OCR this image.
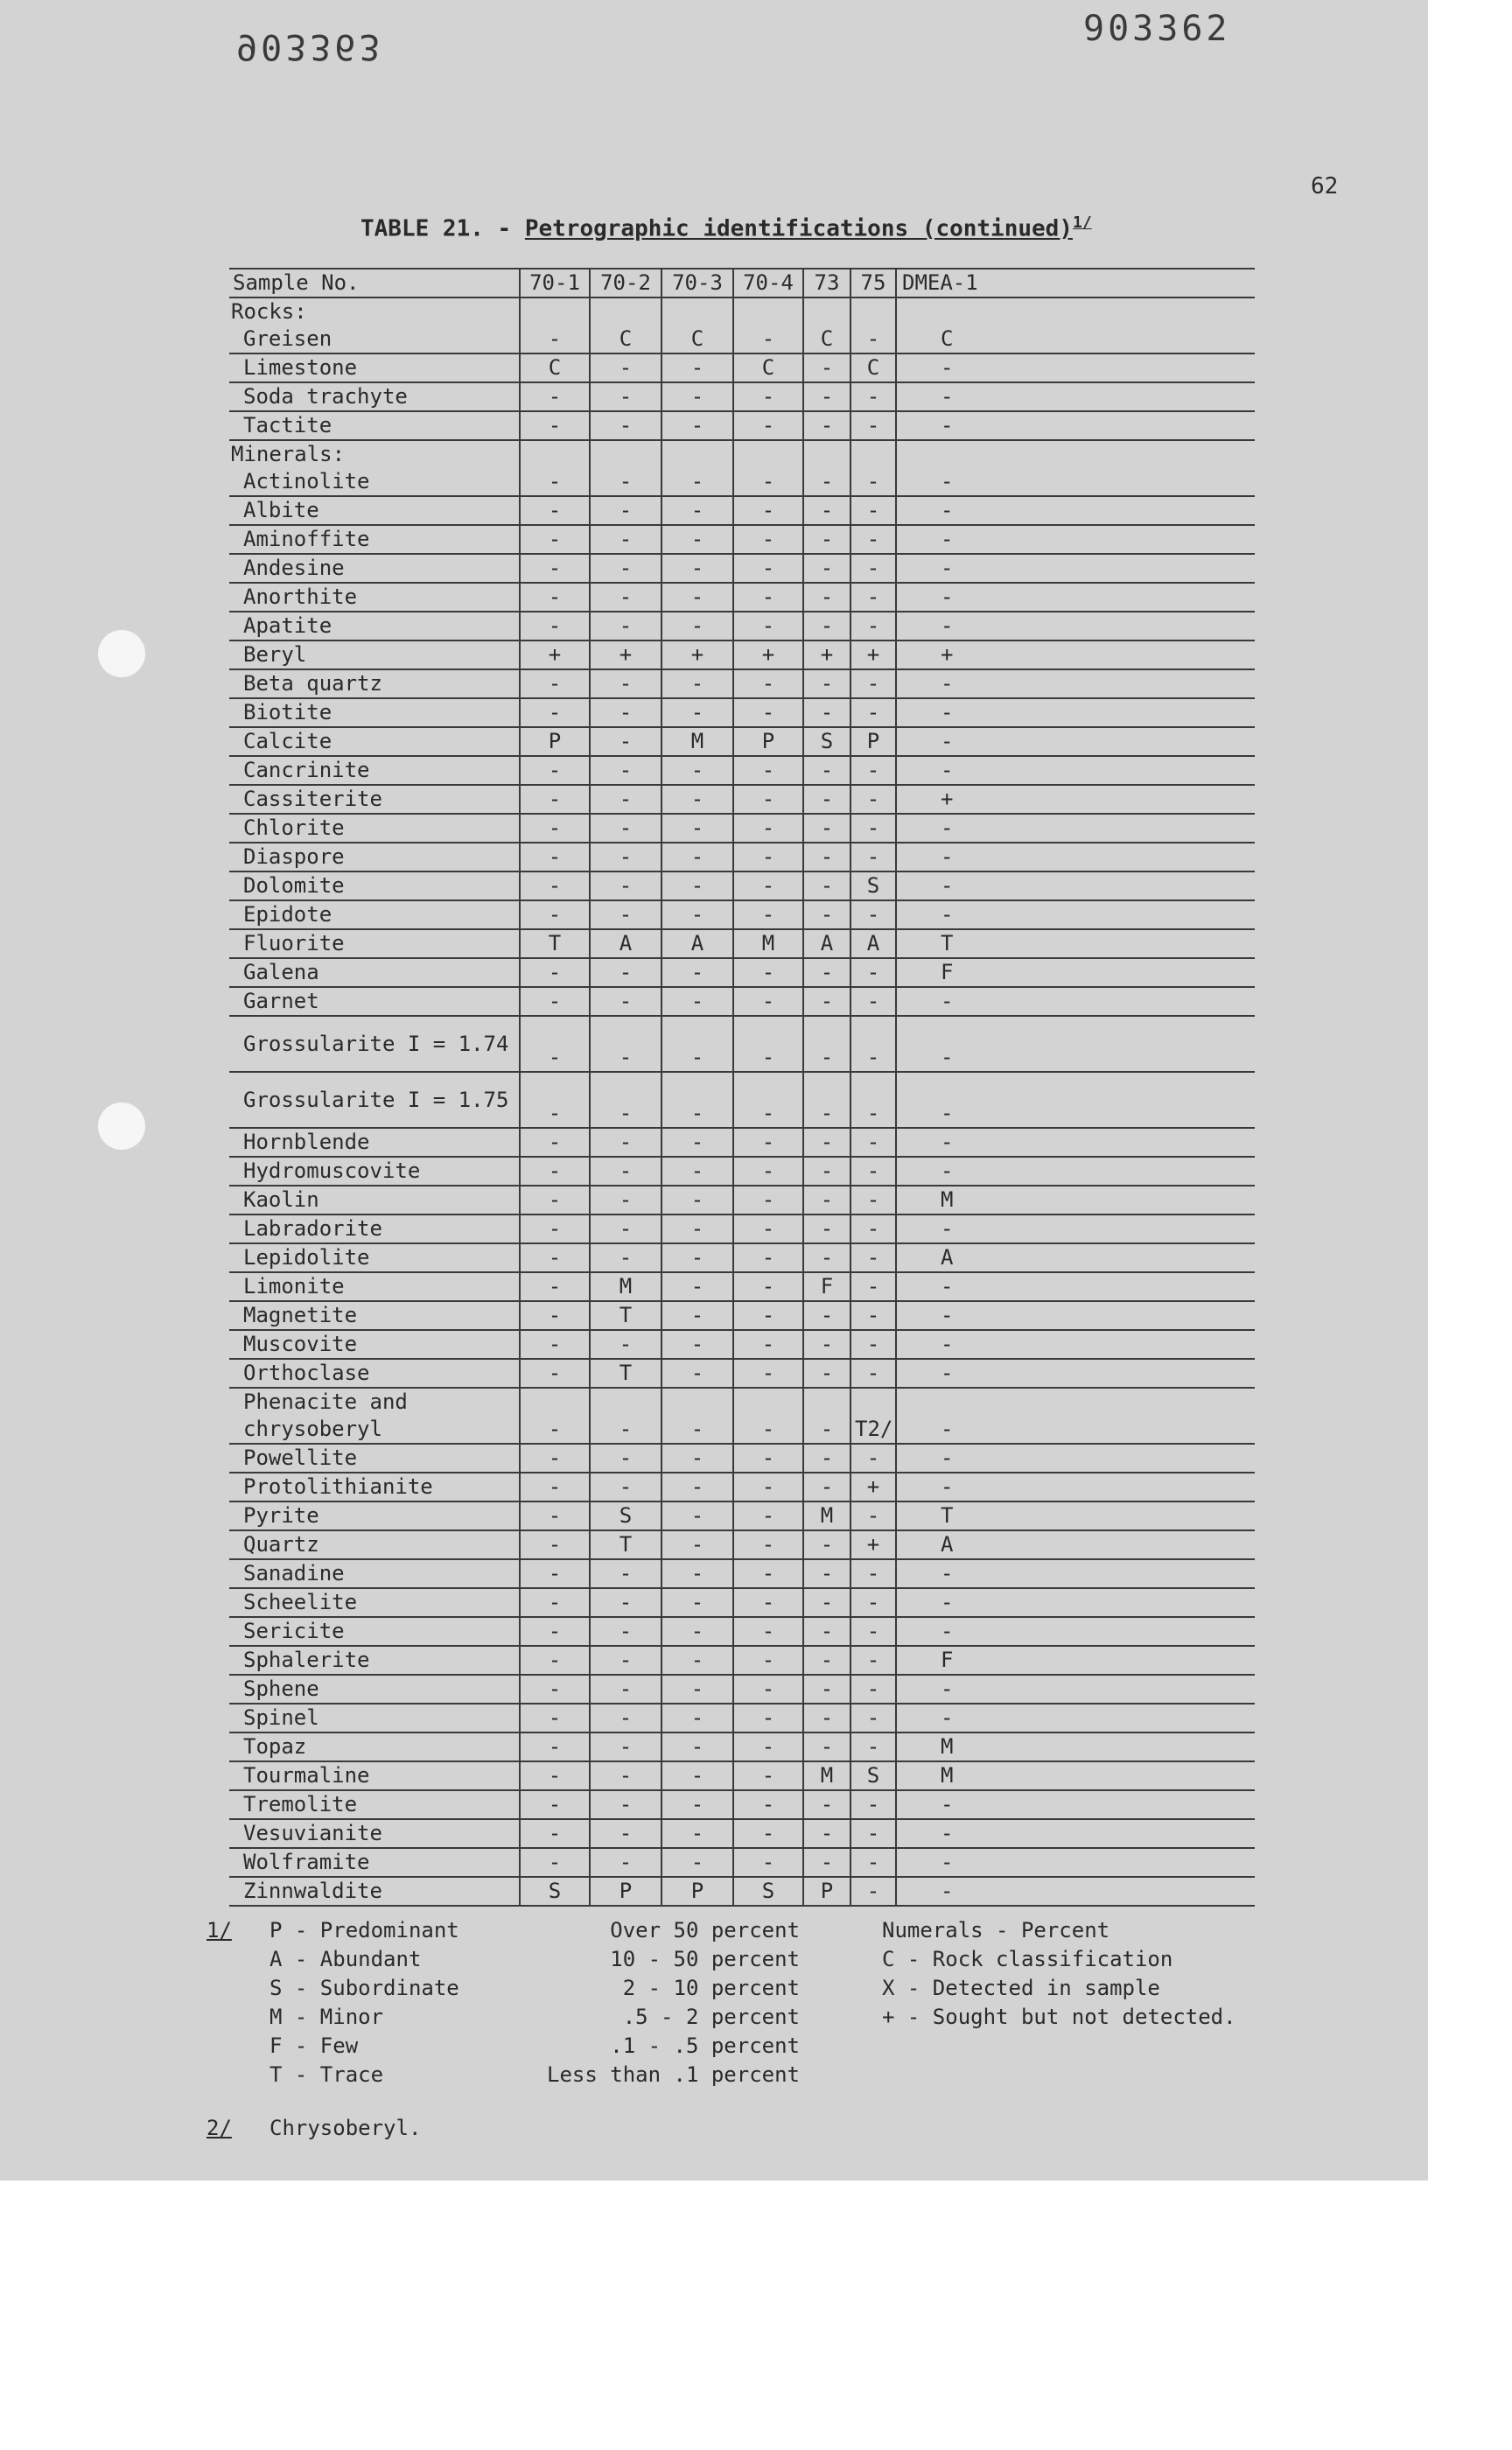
903363	903362
62
TABLE 21. - Petrographic identifications (continued)$^{1/}$
Sample No.	70-1	70-2	70-3	70-4	73	75	DMEA-1
Rocks:							
Greisen	-	C	C	-	C	-	C
Limestone	C	-	-	C	-	C	-
Soda trachyte	-	-	-	-	-	-	-
Tactite	-	-	-	-	-	-	-
Minerals:							
Actinolite	-	-	-	-	-	-	-
Albite	-	-	-	-	-	-	-
Aminoffite	-	-	-	-	-	-	-
Andesine	-	-	-	-	-	-	-
Anorthite	-	-	-	-	-	-	-
Apatite	-	-	-	-	-	-	-
Beryl	+	+	+	+	+	+	+
Beta quartz	-	-	-	-	-	-	-
Biotite	-	-	-	-	-	-	-
Calcite	P	-	M	P	S	P	-
Cancrinite	-	-	-	-	-	-	-
Cassiterite	-	-	-	-	-	-	+
Chlorite	-	-	-	-	-	-	-
Diaspore	-	-	-	-	-	-	-
Dolomite	-	-	-	-	-	S	-
Epidote	-	-	-	-	-	-	-
Fluorite	T	A	A	M	A	A	T
Galena	-	-	-	-	-	-	F
Garnet	-	-	-	-	-	-	-
Grossularite I = 1.74	-	-	-	-	-	-	-
Grossularite I = 1.75	-	-	-	-	-	-	-
Hornblende	-	-	-	-	-	-	-
Hydromuscovite	-	-	-	-	-	-	-
Kaolin	-	-	-	-	-	-	M
Labradorite	-	-	-	-	-	-	-
Lepidolite	-	-	-	-	-	-	A
Limonite	-	M	-	-	F	-	-
Magnetite	-	T	-	-	-	-	-
Muscovite	-	-	-	-	-	-	-
Orthoclase	-	T	-	-	-	-	-
Phenacite and chrysoberyl	-	-	-	-	-	T2/	-
Powellite	-	-	-	-	-	-	-
Protolithianite	-	-	-	-	-	+	-
Pyrite	-	S	-	-	M	-	T
Quartz	-	T	-	-	-	+	A
Sanadine	-	-	-	-	-	-	-
Scheelite	-	-	-	-	-	-	-
Sericite	-	-	-	-	-	-	-
Sphalerite	-	-	-	-	-	-	F
Sphene	-	-	-	-	-	-	-
Spinel	-	-	-	-	-	-	-
Topaz	-	-	-	-	-	-	M
Tourmaline	-	-	-	-	M	S	M
Tremolite	-	-	-	-	-	-	-
Vesuvianite	-	-	-	-	-	-	-
Wolframite	-	-	-	-	-	-	-
Zinnwaldite	S	P	P	S	P	-	-
1/ P - Predominant
A - Abundant
S - Subordinate
M - Minor
F - Few
T - Trace
Over 50 percent
10 - 50 percent
2 - 10 percent
.5 - 2 percent
.1 - .5 percent
Less than .1 percent
Numerals - Percent
C - Rock classification
X - Detected in sample
+ - Sought but not detected.
2/ Chrysoberyl.
